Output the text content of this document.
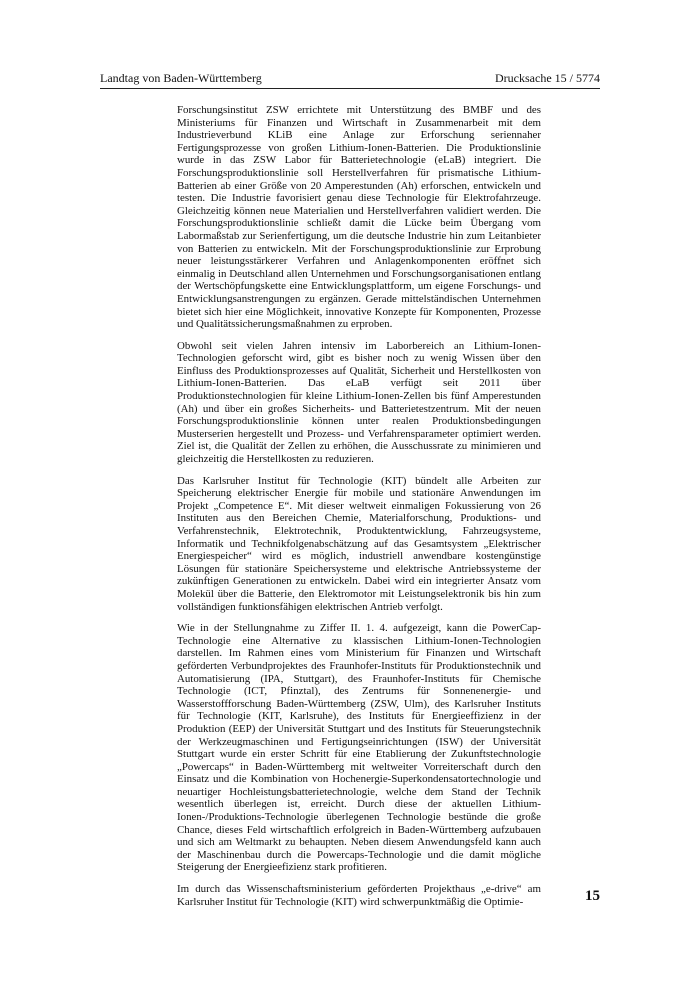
Landtag von Baden-Württemberg	Drucksache 15 / 5774

Forschungsinstitut ZSW errichtete mit Unterstützung des BMBF und des Ministeriums für Finanzen und Wirtschaft in Zusammenarbeit mit dem Industrieverbund KLiB eine Anlage zur Erforschung seriennaher Fertigungsprozesse von großen Lithium-Ionen-Batterien. Die Produktionslinie wurde in das ZSW Labor für Batterietechnologie (eLaB) integriert. Die Forschungsproduktionslinie soll Herstellverfahren für prismatische Lithium-Batterien ab einer Größe von 20 Amperestunden (Ah) erforschen, entwickeln und testen. Die Industrie favorisiert genau diese Technologie für Elektrofahrzeuge. Gleichzeitig können neue Materialien und Herstellverfahren validiert werden. Die Forschungsproduktionslinie schließt damit die Lücke beim Übergang vom Labormaßstab zur Serienfertigung, um die deutsche Industrie hin zum Leitanbieter von Batterien zu entwickeln. Mit der Forschungsproduktionslinie zur Erprobung neuer leistungsstärkerer Verfahren und Anlagenkomponenten eröffnet sich einmalig in Deutschland allen Unternehmen und Forschungsorganisationen entlang der Wertschöpfungskette eine Entwicklungsplattform, um eigene Forschungs- und Entwicklungsanstrengungen zu ergänzen. Gerade mittelständischen Unternehmen bietet sich hier eine Möglichkeit, innovative Konzepte für Komponenten, Prozesse und Qualitätssicherungsmaßnahmen zu erproben.

Obwohl seit vielen Jahren intensiv im Laborbereich an Lithium-Ionen-Technologien geforscht wird, gibt es bisher noch zu wenig Wissen über den Einfluss des Produktionsprozesses auf Qualität, Sicherheit und Herstellkosten von Lithium-Ionen-Batterien. Das eLaB verfügt seit 2011 über Produktionstechnologien für kleine Lithium-Ionen-Zellen bis fünf Amperestunden (Ah) und über ein großes Sicherheits- und Batterietestzentrum. Mit der neuen Forschungsproduktionslinie können unter realen Produktionsbedingungen Musterserien hergestellt und Prozess- und Verfahrensparameter optimiert werden. Ziel ist, die Qualität der Zellen zu erhöhen, die Ausschussrate zu minimieren und gleichzeitig die Herstellkosten zu reduzieren.

Das Karlsruher Institut für Technologie (KIT) bündelt alle Arbeiten zur Speicherung elektrischer Energie für mobile und stationäre Anwendungen im Projekt „Competence E“. Mit dieser weltweit einmaligen Fokussierung von 26 Instituten aus den Bereichen Chemie, Materialforschung, Produktions- und Verfahrenstechnik, Elektrotechnik, Produktentwicklung, Fahrzeugsysteme, Informatik und Technikfolgenabschätzung auf das Gesamtsystem „Elektrischer Energiespeicher“ wird es möglich, industriell anwendbare kostengünstige Lösungen für stationäre Speichersysteme und elektrische Antriebssysteme der zukünftigen Generationen zu entwickeln. Dabei wird ein integrierter Ansatz vom Molekül über die Batterie, den Elektromotor mit Leistungselektronik bis hin zum vollständigen funktionsfähigen elektrischen Antrieb verfolgt.

Wie in der Stellungnahme zu Ziffer II. 1. 4. aufgezeigt, kann die PowerCap-Technologie eine Alternative zu klassischen Lithium-Ionen-Technologien darstellen. Im Rahmen eines vom Ministerium für Finanzen und Wirtschaft geförderten Verbundprojektes des Fraunhofer-Instituts für Produktionstechnik und Automatisierung (IPA, Stuttgart), des Fraunhofer-Instituts für Chemische Technologie (ICT, Pfinztal), des Zentrums für Sonnenenergie- und Wasserstoffforschung Baden-Württemberg (ZSW, Ulm), des Karlsruher Instituts für Technologie (KIT, Karlsruhe), des Instituts für Energieeffizienz in der Produktion (EEP) der Universität Stuttgart und des Instituts für Steuerungstechnik der Werkzeugmaschinen und Fertigungseinrichtungen (ISW) der Universität Stuttgart wurde ein erster Schritt für eine Etablierung der Zukunftstechnologie „Powercaps“ in Baden-Württemberg mit weltweiter Vorreiterschaft durch den Einsatz und die Kombination von Hochenergie-Superkondensatortechnologie und neuartiger Hochleistungsbatterietechnologie, welche dem Stand der Technik wesentlich überlegen ist, erreicht. Durch diese der aktuellen Lithium-Ionen-/Produktions-Technologie überlegenen Technologie bestünde die große Chance, dieses Feld wirtschaftlich erfolgreich in Baden-Württemberg aufzubauen und sich am Weltmarkt zu behaupten. Neben diesem Anwendungsfeld kann auch der Maschinenbau durch die Powercaps-Technologie und die damit mögliche Steigerung der Energieefizienz stark profitieren.

Im durch das Wissenschaftsministerium geförderten Projekthaus „e-drive“ am Karlsruher Institut für Technologie (KIT) wird schwerpunktmäßig die Optimie-	15
